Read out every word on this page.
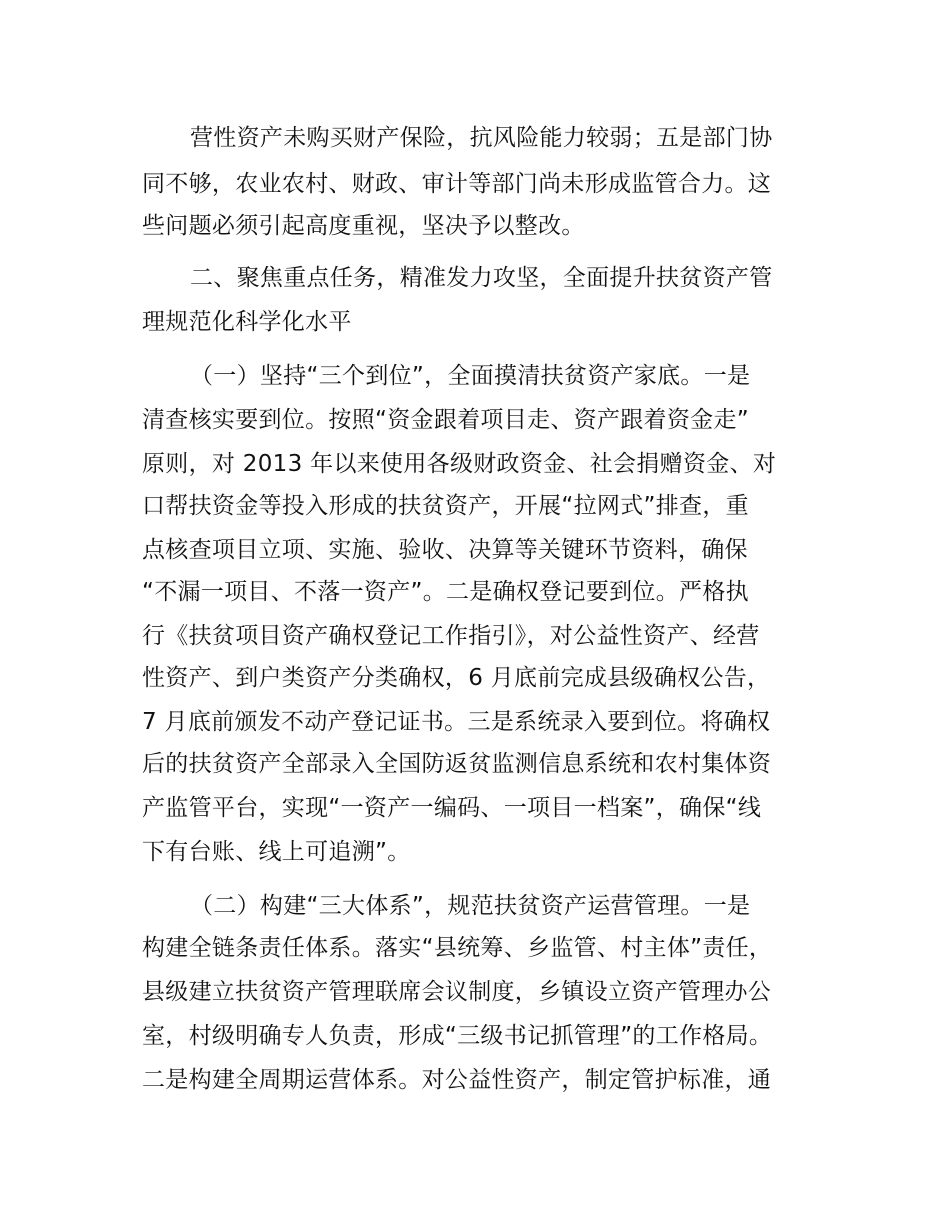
营性资产未购买财产保险，抗风险能力较弱；五是部门协
同不够，农业农村、财政、审计等部门尚未形成监管合力。这
些问题必须引起高度重视，坚决予以整改。
二、聚焦重点任务，精准发力攻坚，全面提升扶贫资产管
理规范化科学化水平
（一）坚持“三个到位”，全面摸清扶贫资产家底。一是
清查核实要到位。按照“资金跟着项目走、资产跟着资金走”
原则，对 2013 年以来使用各级财政资金、社会捐赠资金、对
口帮扶资金等投入形成的扶贫资产，开展“拉网式”排查，重
点核查项目立项、实施、验收、决算等关键环节资料，确保
“不漏一项目、不落一资产”。二是确权登记要到位。严格执
行《扶贫项目资产确权登记工作指引》，对公益性资产、经营
性资产、到户类资产分类确权，6 月底前完成县级确权公告，
7 月底前颁发不动产登记证书。三是系统录入要到位。将确权
后的扶贫资产全部录入全国防返贫监测信息系统和农村集体资
产监管平台，实现“一资产一编码、一项目一档案”，确保“线
下有台账、线上可追溯”。
（二）构建“三大体系”，规范扶贫资产运营管理。一是
构建全链条责任体系。落实“县统筹、乡监管、村主体”责任，
县级建立扶贫资产管理联席会议制度，乡镇设立资产管理办公
室，村级明确专人负责，形成“三级书记抓管理”的工作格局。
二是构建全周期运营体系。对公益性资产，制定管护标准，通
